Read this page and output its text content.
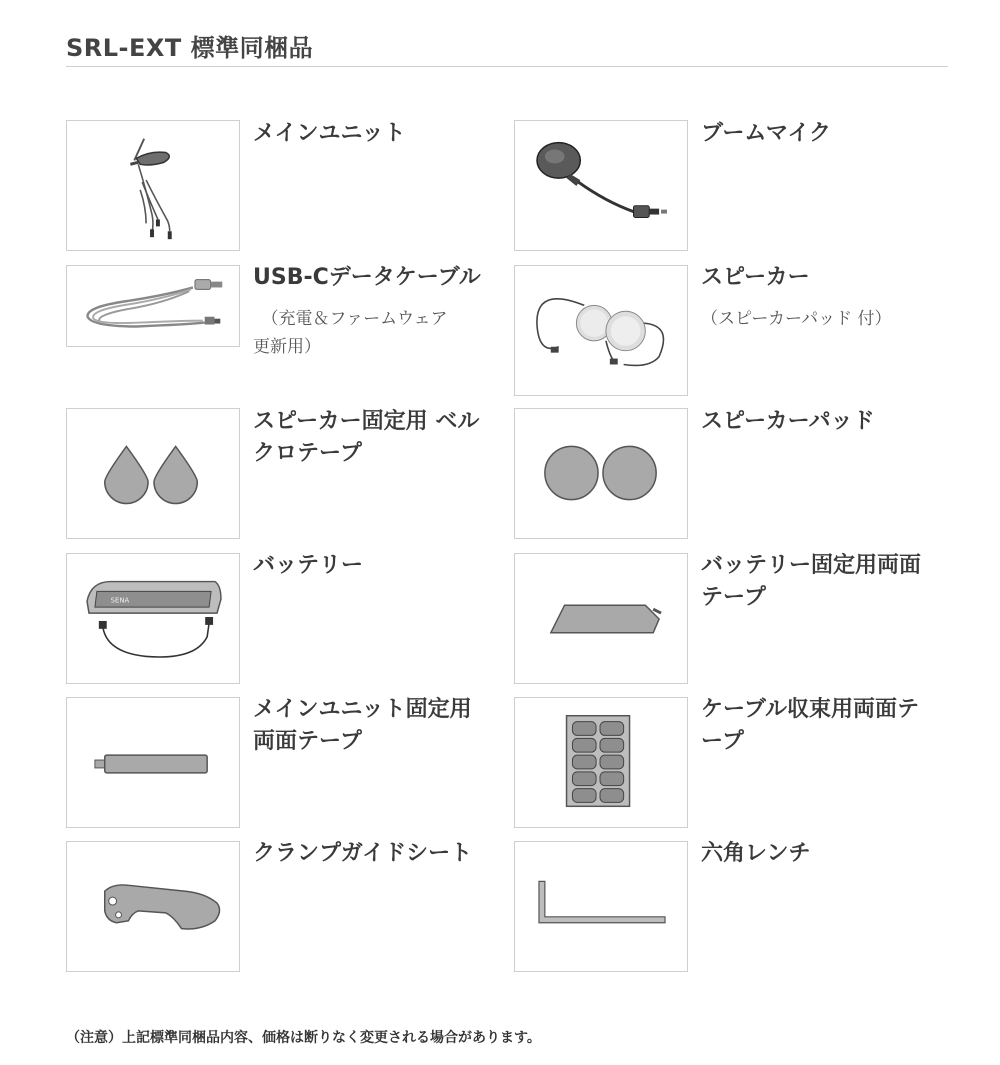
SRL-EXT 標準同梱品
メインユニット	ブームマイク
USB-Cデータケーブル
　（充電＆ファームウェア
更新用）
スピーカー
（スピーカーパッド 付）
スピーカー固定用 ベル
クロテープ
スピーカーパッド
SENA
バッテリー	バッテリー固定用両面
テープ
メインユニット固定用
両面テープ
ケーブル収束用両面テ
ープ
クランプガイドシート	六角レンチ
（注意）上記標準同梱品内容、価格は断りなく変更される場合があります。
